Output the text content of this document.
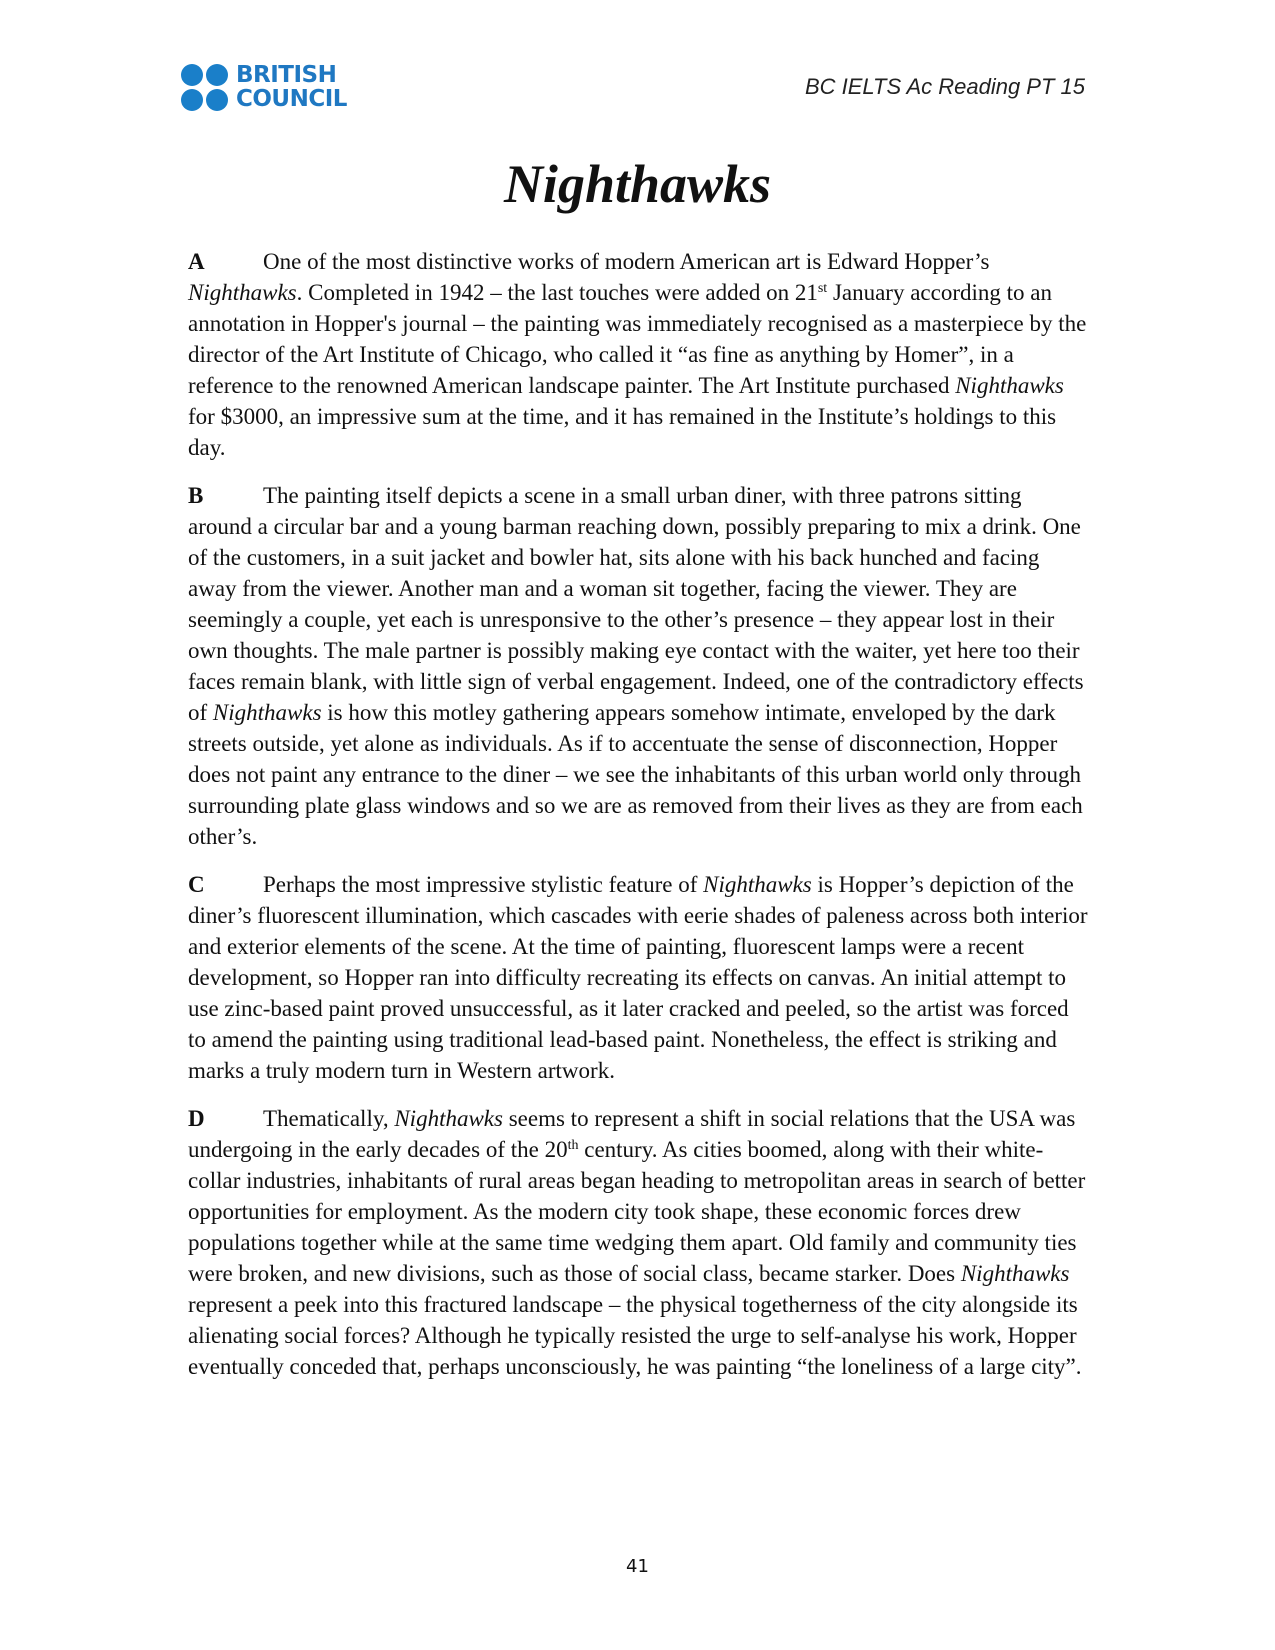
BRITISH
COUNCIL	BC IELTS Ac Reading PT 15
Nighthawks

A	One of the most distinctive works of modern American art is Edward Hopper’s Nighthawks. Completed in 1942 – the last touches were added on 21st January according to an annotation in Hopper's journal – the painting was immediately recognised as a masterpiece by the director of the Art Institute of Chicago, who called it “as fine as anything by Homer”, in a reference to the renowned American landscape painter. The Art Institute purchased Nighthawks for $3000, an impressive sum at the time, and it has remained in the Institute’s holdings to this day.

B	The painting itself depicts a scene in a small urban diner, with three patrons sitting around a circular bar and a young barman reaching down, possibly preparing to mix a drink. One of the customers, in a suit jacket and bowler hat, sits alone with his back hunched and facing away from the viewer. Another man and a woman sit together, facing the viewer. They are seemingly a couple, yet each is unresponsive to the other’s presence – they appear lost in their own thoughts. The male partner is possibly making eye contact with the waiter, yet here too their faces remain blank, with little sign of verbal engagement. Indeed, one of the contradictory effects of Nighthawks is how this motley gathering appears somehow intimate, enveloped by the dark streets outside, yet alone as individuals. As if to accentuate the sense of disconnection, Hopper does not paint any entrance to the diner – we see the inhabitants of this urban world only through surrounding plate glass windows and so we are as removed from their lives as they are from each other’s.

C	Perhaps the most impressive stylistic feature of Nighthawks is Hopper’s depiction of the diner’s fluorescent illumination, which cascades with eerie shades of paleness across both interior and exterior elements of the scene. At the time of painting, fluorescent lamps were a recent development, so Hopper ran into difficulty recreating its effects on canvas. An initial attempt to use zinc-based paint proved unsuccessful, as it later cracked and peeled, so the artist was forced to amend the painting using traditional lead-based paint. Nonetheless, the effect is striking and marks a truly modern turn in Western artwork.

D	Thematically, Nighthawks seems to represent a shift in social relations that the USA was undergoing in the early decades of the 20th century. As cities boomed, along with their white-collar industries, inhabitants of rural areas began heading to metropolitan areas in search of better opportunities for employment. As the modern city took shape, these economic forces drew populations together while at the same time wedging them apart. Old family and community ties were broken, and new divisions, such as those of social class, became starker. Does Nighthawks represent a peek into this fractured landscape – the physical togetherness of the city alongside its alienating social forces? Although he typically resisted the urge to self-analyse his work, Hopper eventually conceded that, perhaps unconsciously, he was painting “the loneliness of a large city”.

41
